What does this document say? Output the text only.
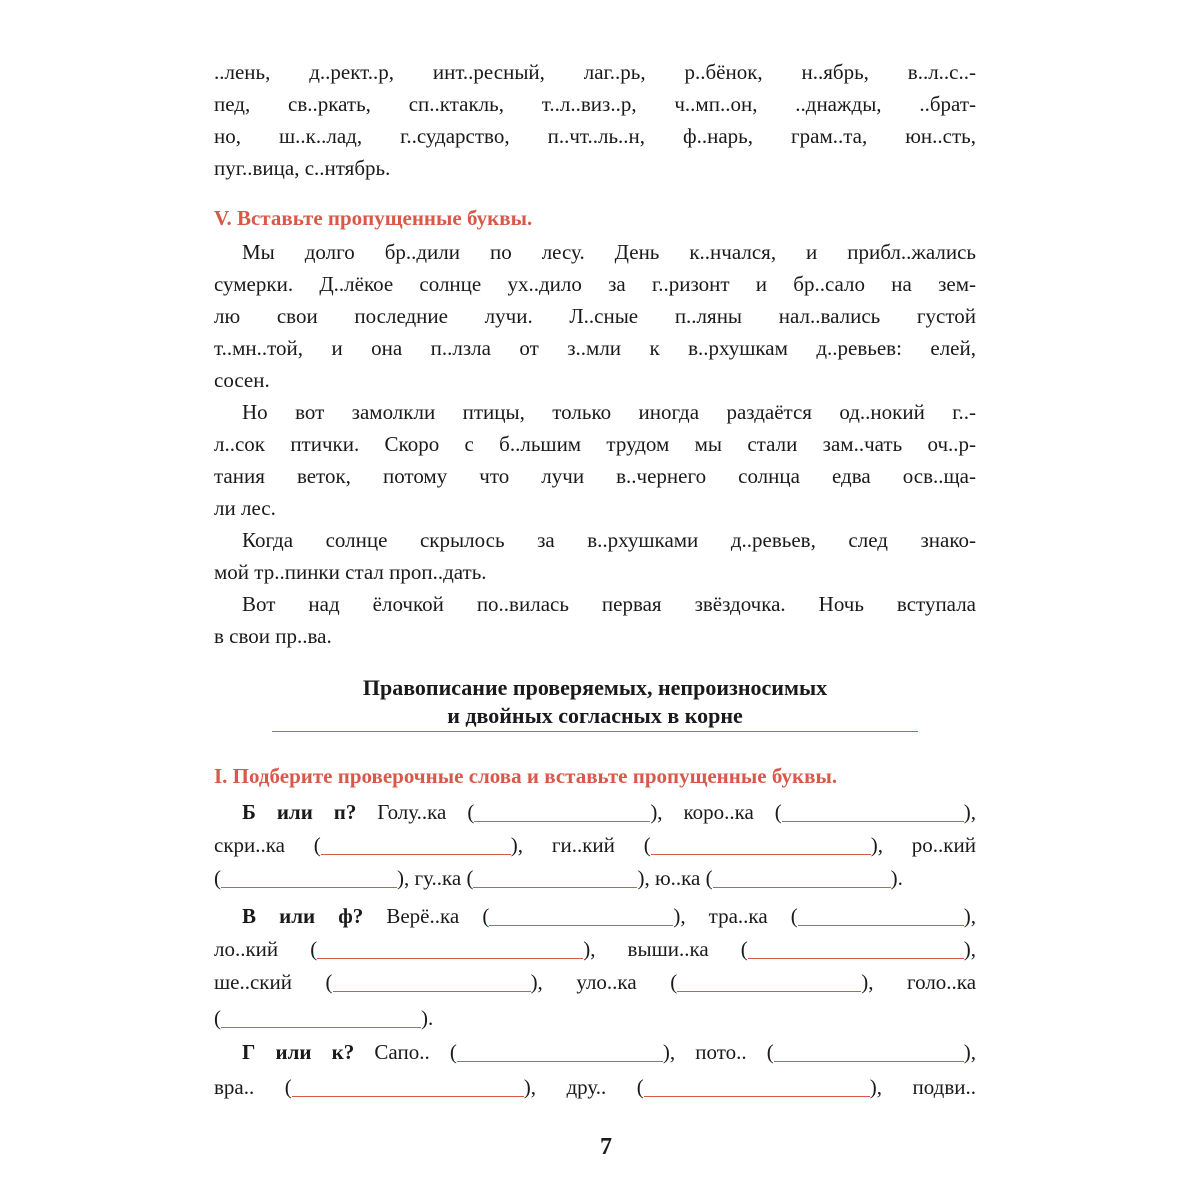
..лень, д..рект..р, инт..ресный, лаг..рь, р..бёнок, н..ябрь, в..л..с..-
пед, св..ркать, сп..ктакль, т..л..виз..р, ч..мп..он, ..днажды, ..брат-
но, ш..к..лад, г..сударство, п..чт..ль..н, ф..нарь, грам..та, юн..сть,
пуг..вица, с..нтябрь.
V. Вставьте пропущенные буквы.
Мы долго бр..дили по лесу. День к..нчался, и прибл..жались
сумерки. Д..лёкое солнце ух..дило за г..ризонт и бр..сало на зем-
лю свои последние лучи. Л..сные п..ляны нал..вались густой
т..мн..той, и она п..лзла от з..мли к в..рхушкам д..ревьев: елей,
сосен.
Но вот замолкли птицы, только иногда раздаётся од..нокий г..-
л..сок птички. Скоро с б..льшим трудом мы стали зам..чать оч..р-
тания веток, потому что лучи в..чернего солнца едва осв..ща-
ли лес.
Когда солнце скрылось за в..рхушками д..ревьев, след знако-
мой тр..пинки стал проп..дать.
Вот над ёлочкой по..вилась первая звёздочка. Ночь вступала
в свои пр..ва.
Правописание проверяемых, непроизносимых
и двойных согласных в корне
I. Подберите проверочные слова и вставьте пропущенные буквы.
Б или п? Голу..ка (	), коро..ка (	),
скри..ка (	), ги..кий (	), ро..кий
(	), гу..ка (	), ю..ка (	).
В или ф? Верё..ка (	), тра..ка (	),
ло..кий (	), выши..ка (	),
ше..ский (	), уло..ка (	), голо..ка
(	).
Г или к? Сапо.. (	), пото.. (	),
вра.. (	), дру.. (	), подви..
7
